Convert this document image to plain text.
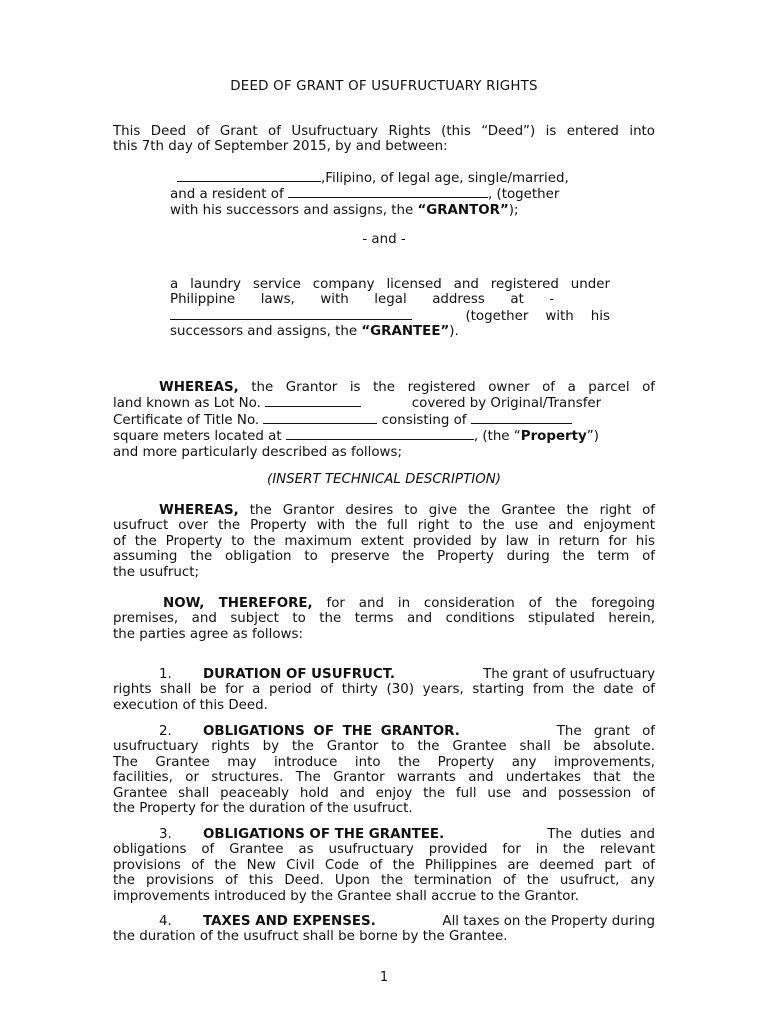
DEED OF GRANT OF USUFRUCTUARY RIGHTS
This Deed of Grant of Usufructuary Rights (this “Deed”) is entered into
this 7th day of September 2015, by and between:
,Filipino, of legal age, single/married,
and a resident of	, (together
with his successors and assigns, the “GRANTOR”);
- and -
a laundry service company licensed and registered under
Philippine      laws,      with      legal      address      at      -
(together    with    his
successors and assigns, the “GRANTEE”).
WHEREAS, the Grantor is the registered owner of a parcel of
land known as Lot No.	covered by Original/Transfer
Certificate of Title No.	consisting of
square meters located at	, (the “Property”)
and more particularly described as follows;
(INSERT TECHNICAL DESCRIPTION)
WHEREAS, the Grantor desires to give the Grantee the right of
usufruct over the Property with the full right to the use and enjoyment
of the Property to the maximum extent provided by law in return for his
assuming the obligation to preserve the Property during the term of
the usufruct;
NOW, THEREFORE, for and in consideration of the foregoing
premises, and subject to the terms and conditions stipulated herein,
the parties agree as follows:
1. DURATION OF USUFRUCT.	The grant of usufructuary
rights shall be for a period of thirty (30) years, starting from the date of
execution of this Deed.
2. OBLIGATIONS OF THE GRANTOR.	The grant of
usufructuary rights by the Grantor to the Grantee shall be absolute.
The Grantee may introduce into the Property any improvements,
facilities, or structures. The Grantor warrants and undertakes that the
Grantee shall peaceably hold and enjoy the full use and possession of
the Property for the duration of the usufruct.
3. OBLIGATIONS OF THE GRANTEE.	The duties and
obligations of Grantee as usufructuary provided for in the relevant
provisions of the New Civil Code of the Philippines are deemed part of
the provisions of this Deed. Upon the termination of the usufruct, any
improvements introduced by the Grantee shall accrue to the Grantor.
4. TAXES AND EXPENSES.	All taxes on the Property during
the duration of the usufruct shall be borne by the Grantee.
1
